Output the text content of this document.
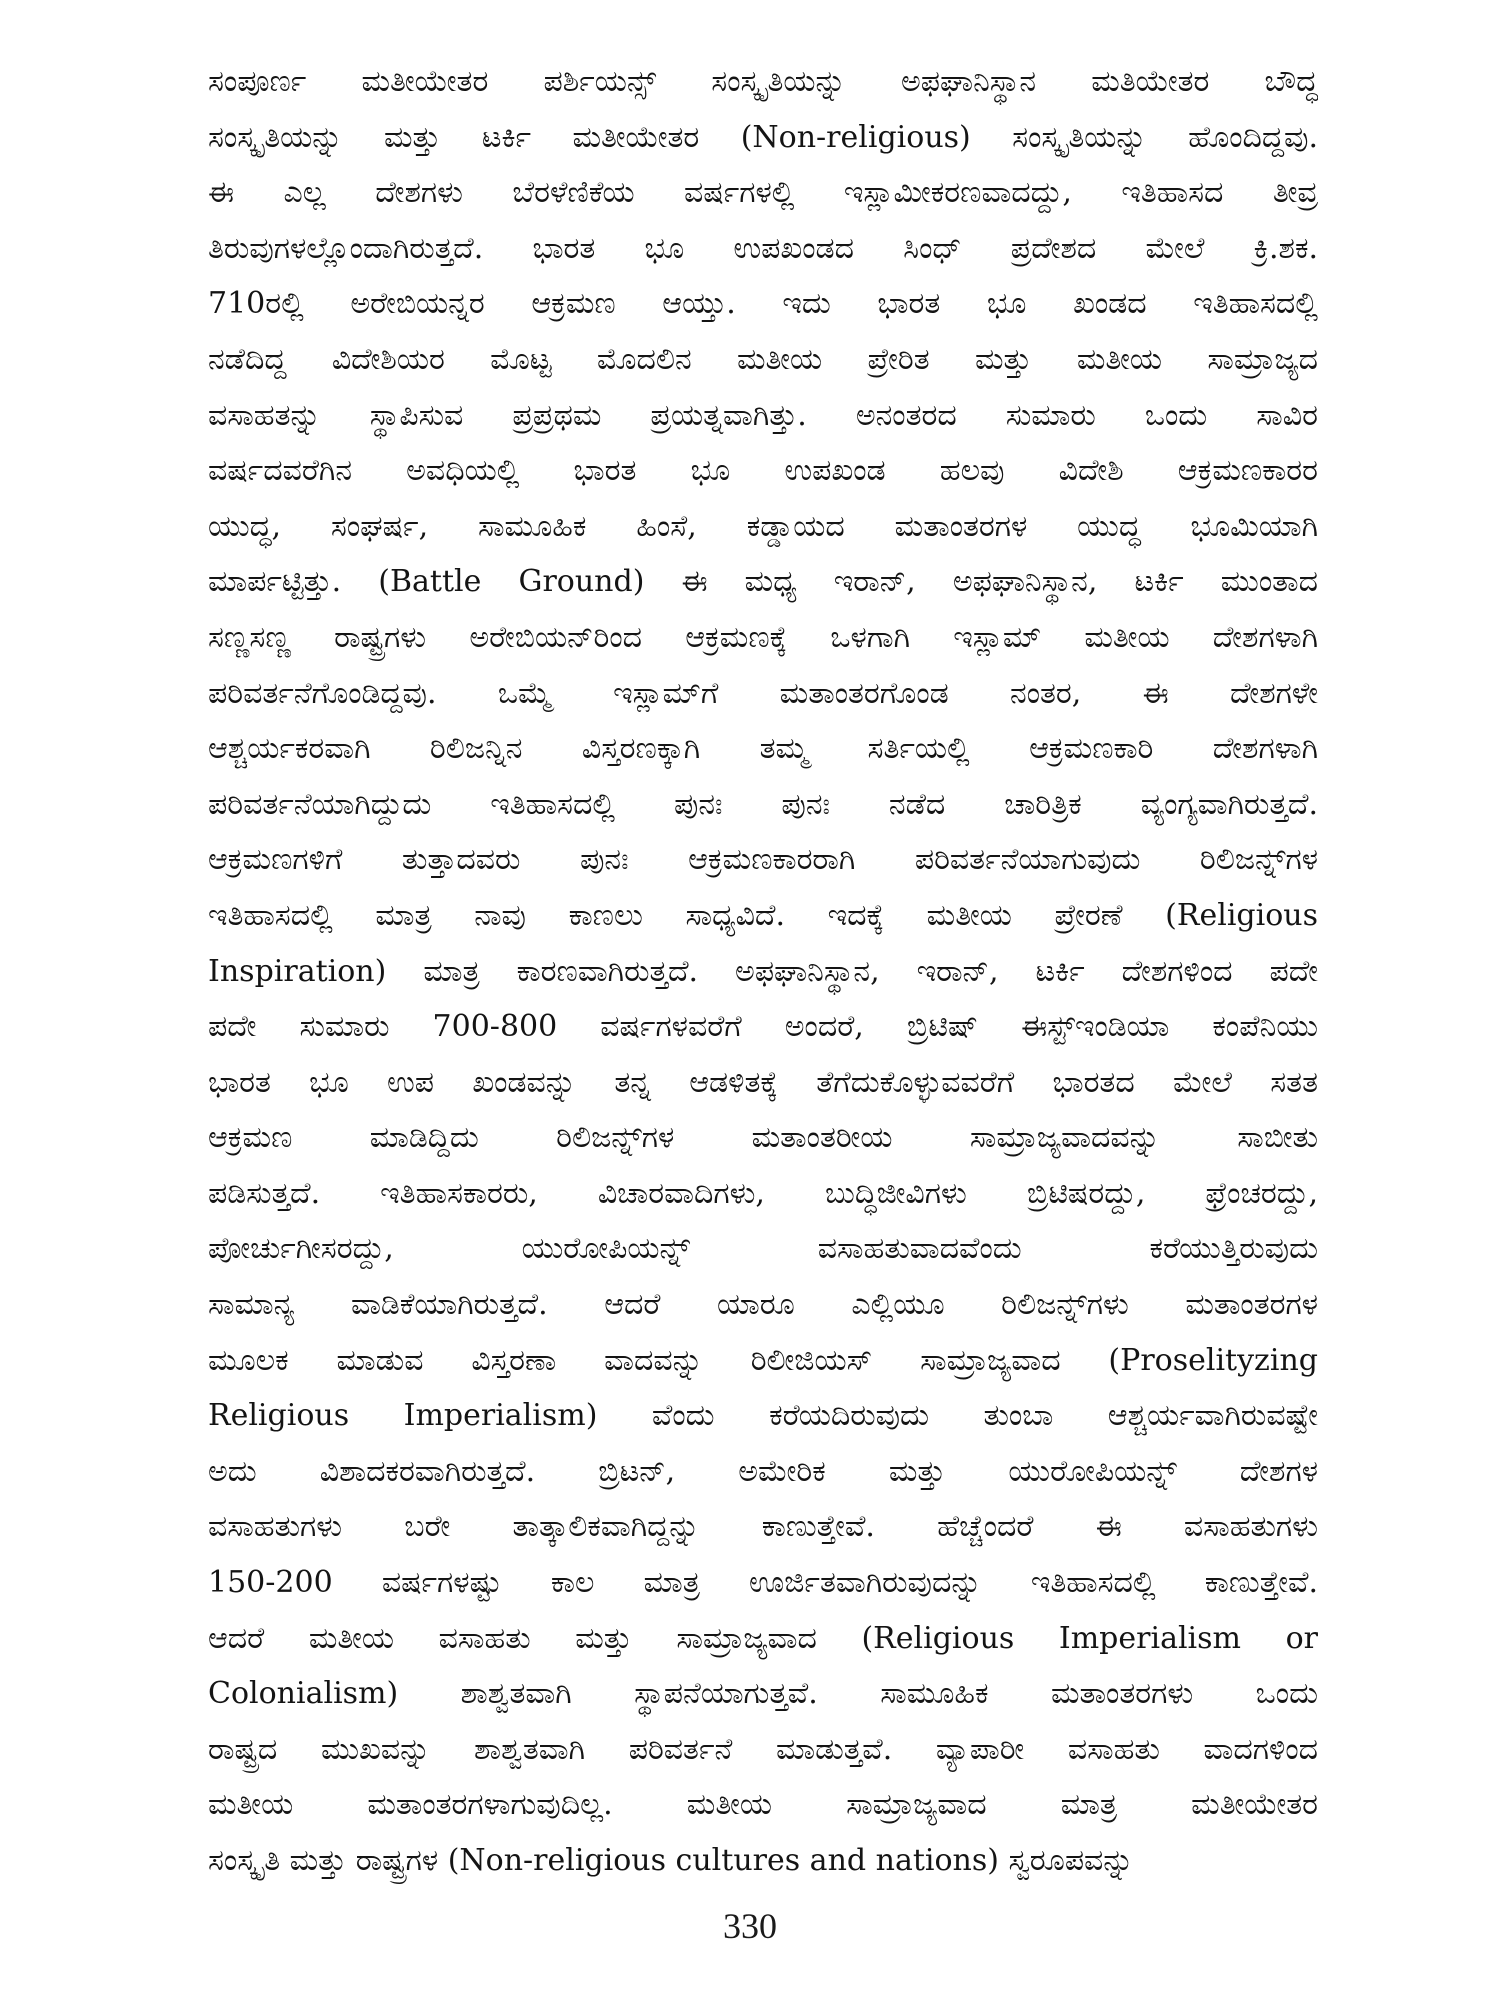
ಸಂಪೂರ್ಣ ಮತೀಯೇತರ ಪರ್ಶಿಯನ್ಸ್ ಸಂಸ್ಕೃತಿಯನ್ನು ಅಫಘಾನಿಸ್ಥಾನ ಮತಿಯೇತರ ಬೌದ್ಧ
ಸಂಸ್ಕೃತಿಯನ್ನು ಮತ್ತು ಟರ್ಕಿ ಮತೀಯೇತರ (Non-religious) ಸಂಸ್ಕೃತಿಯನ್ನು ಹೊಂದಿದ್ದವು.
ಈ ಎಲ್ಲ ದೇಶಗಳು ಬೆರಳೆಣಿಕೆಯ ವರ್ಷಗಳಲ್ಲಿ ಇಸ್ಲಾಮೀಕರಣವಾದದ್ದು, ಇತಿಹಾಸದ ತೀವ್ರ
ತಿರುವುಗಳಲ್ಲೊಂದಾಗಿರುತ್ತದೆ. ಭಾರತ ಭೂ ಉಪಖಂಡದ ಸಿಂಧ್ ಪ್ರದೇಶದ ಮೇಲೆ ಕ್ರಿ.ಶಕ.
710ರಲ್ಲಿ ಅರೇಬಿಯನ್ನರ ಆಕ್ರಮಣ ಆಯ್ತು. ಇದು ಭಾರತ ಭೂ ಖಂಡದ ಇತಿಹಾಸದಲ್ಲಿ
ನಡೆದಿದ್ದ ವಿದೇಶಿಯರ ಮೊಟ್ಟ ಮೊದಲಿನ ಮತೀಯ ಪ್ರೇರಿತ ಮತ್ತು ಮತೀಯ ಸಾಮ್ರಾಜ್ಯದ
ವಸಾಹತನ್ನು ಸ್ಥಾಪಿಸುವ ಪ್ರಪ್ರಥಮ ಪ್ರಯತ್ನವಾಗಿತ್ತು. ಅನಂತರದ ಸುಮಾರು ಒಂದು ಸಾವಿರ
ವರ್ಷದವರೆಗಿನ ಅವಧಿಯಲ್ಲಿ ಭಾರತ ಭೂ ಉಪಖಂಡ ಹಲವು ವಿದೇಶಿ ಆಕ್ರಮಣಕಾರರ
ಯುದ್ಧ, ಸಂಘರ್ಷ, ಸಾಮೂಹಿಕ ಹಿಂಸೆ, ಕಡ್ಡಾಯದ ಮತಾಂತರಗಳ ಯುದ್ಧ ಭೂಮಿಯಾಗಿ
ಮಾರ್ಪಟ್ಟಿತ್ತು. (Battle Ground) ಈ ಮಧ್ಯ ಇರಾನ್, ಅಫಘಾನಿಸ್ಥಾನ, ಟರ್ಕಿ ಮುಂತಾದ
ಸಣ್ಣಸಣ್ಣ ರಾಷ್ಟ್ರಗಳು ಅರೇಬಿಯನ್‌ರಿಂದ ಆಕ್ರಮಣಕ್ಕೆ ಒಳಗಾಗಿ ಇಸ್ಲಾಮ್ ಮತೀಯ ದೇಶಗಳಾಗಿ
ಪರಿವರ್ತನೆಗೊಂಡಿದ್ದವು. ಒಮ್ಮೆ ಇಸ್ಲಾಮ್‌ಗೆ ಮತಾಂತರಗೊಂಡ ನಂತರ, ಈ ದೇಶಗಳೇ
ಆಶ್ಚರ್ಯಕರವಾಗಿ ರಿಲಿಜನ್ನಿನ ವಿಸ್ತರಣಕ್ಕಾಗಿ ತಮ್ಮ ಸರ್ತಿಯಲ್ಲಿ ಆಕ್ರಮಣಕಾರಿ ದೇಶಗಳಾಗಿ
ಪರಿವರ್ತನೆಯಾಗಿದ್ದುದು ಇತಿಹಾಸದಲ್ಲಿ ಪುನಃ ಪುನಃ ನಡೆದ ಚಾರಿತ್ರಿಕ ವ್ಯಂಗ್ಯವಾಗಿರುತ್ತದೆ.
ಆಕ್ರಮಣಗಳಿಗೆ ತುತ್ತಾದವರು ಪುನಃ ಆಕ್ರಮಣಕಾರರಾಗಿ ಪರಿವರ್ತನೆಯಾಗುವುದು ರಿಲಿಜನ್ನ್‌ಗಳ
ಇತಿಹಾಸದಲ್ಲಿ ಮಾತ್ರ ನಾವು ಕಾಣಲು ಸಾಧ್ಯವಿದೆ. ಇದಕ್ಕೆ ಮತೀಯ ಪ್ರೇರಣೆ (Religious
Inspiration) ಮಾತ್ರ ಕಾರಣವಾಗಿರುತ್ತದೆ. ಅಫಘಾನಿಸ್ಥಾನ, ಇರಾನ್, ಟರ್ಕಿ ದೇಶಗಳಿಂದ ಪದೇ
ಪದೇ ಸುಮಾರು 700-800 ವರ್ಷಗಳವರೆಗೆ ಅಂದರೆ, ಬ್ರಿಟಿಷ್ ಈಸ್ಟ್‌ಇಂಡಿಯಾ ಕಂಪೆನಿಯು
ಭಾರತ ಭೂ ಉಪ ಖಂಡವನ್ನು ತನ್ನ ಆಡಳಿತಕ್ಕೆ ತೆಗೆದುಕೊಳ್ಳುವವರೆಗೆ ಭಾರತದ ಮೇಲೆ ಸತತ
ಆಕ್ರಮಣ ಮಾಡಿದ್ದಿದು ರಿಲಿಜನ್ನ್‌ಗಳ ಮತಾಂತರೀಯ ಸಾಮ್ರಾಜ್ಯವಾದವನ್ನು ಸಾಬೀತು
ಪಡಿಸುತ್ತದೆ. ಇತಿಹಾಸಕಾರರು, ವಿಚಾರವಾದಿಗಳು, ಬುದ್ಧಿಜೀವಿಗಳು ಬ್ರಿಟಿಷರದ್ದು, ಫ್ರೆಂಚರದ್ದು,
ಪೋರ್ಚುಗೀಸರದ್ದು, ಯುರೋಪಿಯನ್ನ್ ವಸಾಹತುವಾದವೆಂದು ಕರೆಯುತ್ತಿರುವುದು
ಸಾಮಾನ್ಯ ವಾಡಿಕೆಯಾಗಿರುತ್ತದೆ. ಆದರೆ ಯಾರೂ ಎಲ್ಲಿಯೂ ರಿಲಿಜನ್ನ್‌ಗಳು ಮತಾಂತರಗಳ
ಮೂಲಕ ಮಾಡುವ ವಿಸ್ತರಣಾ ವಾದವನ್ನು ರಿಲೀಜಿಯಸ್ ಸಾಮ್ರಾಜ್ಯವಾದ (Proselityzing
Religious Imperialism) ವೆಂದು ಕರೆಯದಿರುವುದು ತುಂಬಾ ಆಶ್ಚರ್ಯವಾಗಿರುವಷ್ಟೇ
ಅದು ವಿಶಾದಕರವಾಗಿರುತ್ತದೆ. ಬ್ರಿಟನ್, ಅಮೇರಿಕ ಮತ್ತು ಯುರೋಪಿಯನ್ನ್ ದೇಶಗಳ
ವಸಾಹತುಗಳು ಬರೇ ತಾತ್ಕಾಲಿಕವಾಗಿದ್ದನ್ನು ಕಾಣುತ್ತೇವೆ. ಹೆಚ್ಚೆಂದರೆ ಈ ವಸಾಹತುಗಳು
150-200 ವರ್ಷಗಳಷ್ಟು ಕಾಲ ಮಾತ್ರ ಊರ್ಜಿತವಾಗಿರುವುದನ್ನು ಇತಿಹಾಸದಲ್ಲಿ ಕಾಣುತ್ತೇವೆ.
ಆದರೆ ಮತೀಯ ವಸಾಹತು ಮತ್ತು ಸಾಮ್ರಾಜ್ಯವಾದ (Religious Imperialism or
Colonialism) ಶಾಶ್ವತವಾಗಿ ಸ್ಥಾಪನೆಯಾಗುತ್ತವೆ. ಸಾಮೂಹಿಕ ಮತಾಂತರಗಳು ಒಂದು
ರಾಷ್ಟ್ರದ ಮುಖವನ್ನು ಶಾಶ್ವತವಾಗಿ ಪರಿವರ್ತನೆ ಮಾಡುತ್ತವೆ. ವ್ಯಾಪಾರೀ ವಸಾಹತು ವಾದಗಳಿಂದ
ಮತೀಯ ಮತಾಂತರಗಳಾಗುವುದಿಲ್ಲ. ಮತೀಯ ಸಾಮ್ರಾಜ್ಯವಾದ ಮಾತ್ರ ಮತೀಯೇತರ
ಸಂಸ್ಕೃತಿ ಮತ್ತು ರಾಷ್ಟ್ರಗಳ (Non-religious cultures and nations) ಸ್ವರೂಪವನ್ನು
330
